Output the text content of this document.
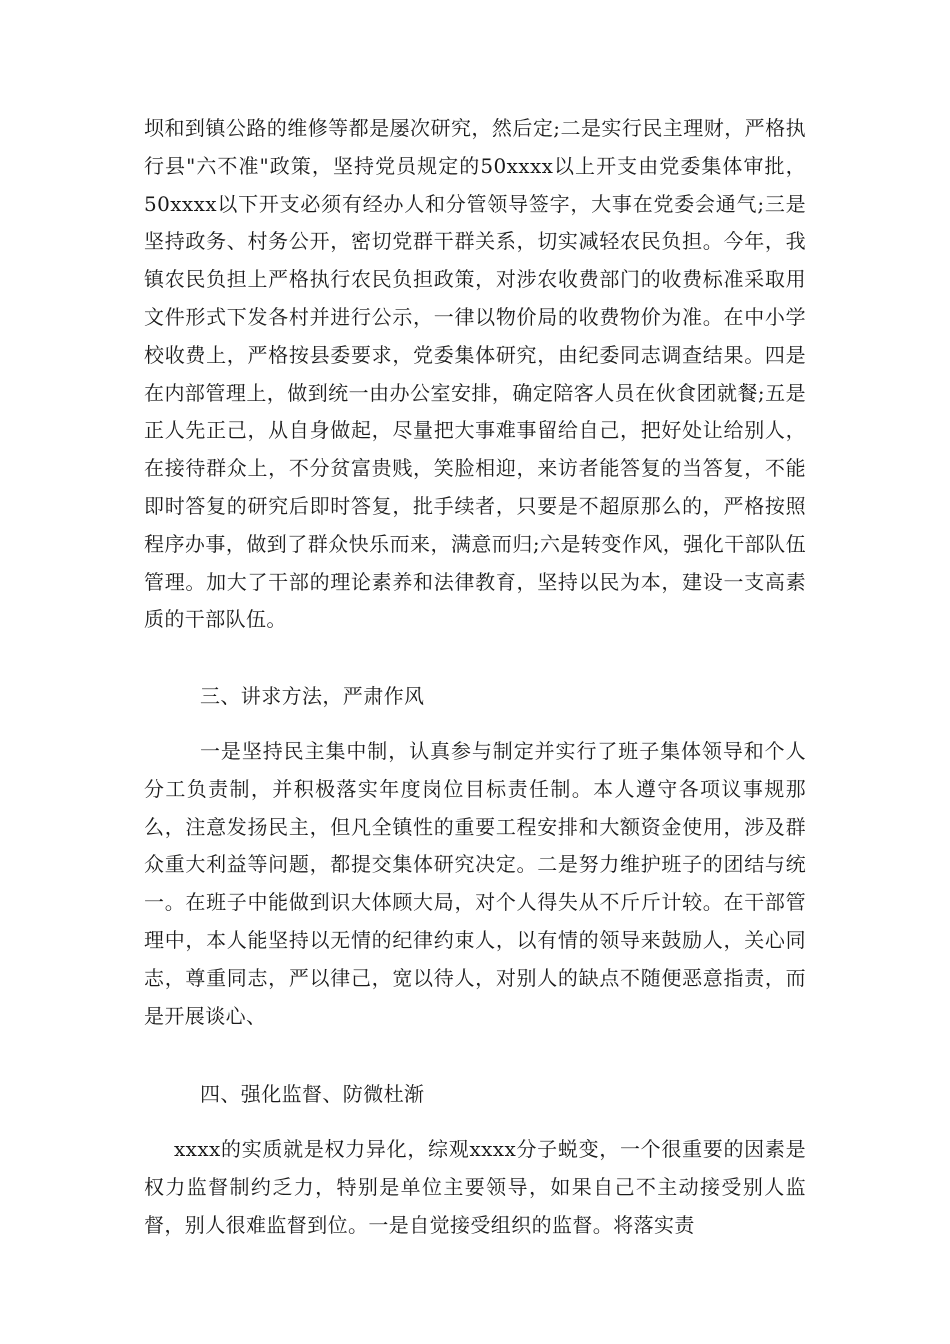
坝和到镇公路的维修等都是屡次研究，然后定;二是实行民主理财，严格执行县"六不准"政策，坚持党员规定的50xxxx以上开支由党委集体审批，50xxxx以下开支必须有经办人和分管领导签字，大事在党委会通气;三是坚持政务、村务公开，密切党群干群关系，切实减轻农民负担。今年，我镇农民负担上严格执行农民负担政策，对涉农收费部门的收费标准采取用文件形式下发各村并进行公示，一律以物价局的收费物价为准。在中小学校收费上，严格按县委要求，党委集体研究，由纪委同志调查结果。四是在内部管理上，做到统一由办公室安排，确定陪客人员在伙食团就餐;五是正人先正己，从自身做起，尽量把大事难事留给自己，把好处让给别人，在接待群众上，不分贫富贵贱，笑脸相迎，来访者能答复的当答复，不能即时答复的研究后即时答复，批手续者，只要是不超原那么的，严格按照程序办事，做到了群众快乐而来，满意而归;六是转变作风，强化干部队伍管理。加大了干部的理论素养和法律教育，坚持以民为本，建设一支高素质的干部队伍。
三、讲求方法，严肃作风
一是坚持民主集中制，认真参与制定并实行了班子集体领导和个人分工负责制，并积极落实年度岗位目标责任制。本人遵守各项议事规那么，注意发扬民主，但凡全镇性的重要工程安排和大额资金使用，涉及群众重大利益等问题，都提交集体研究决定。二是努力维护班子的团结与统一。在班子中能做到识大体顾大局，对个人得失从不斤斤计较。在干部管理中，本人能坚持以无情的纪律约束人，以有情的领导来鼓励人，关心同志，尊重同志，严以律己，宽以待人，对别人的缺点不随便恶意指责，而是开展谈心、
四、强化监督、防微杜渐
xxxx的实质就是权力异化，综观xxxx分子蜕变，一个很重要的因素是权力监督制约乏力，特别是单位主要领导，如果自己不主动接受别人监督，别人很难监督到位。一是自觉接受组织的监督。将落实责
